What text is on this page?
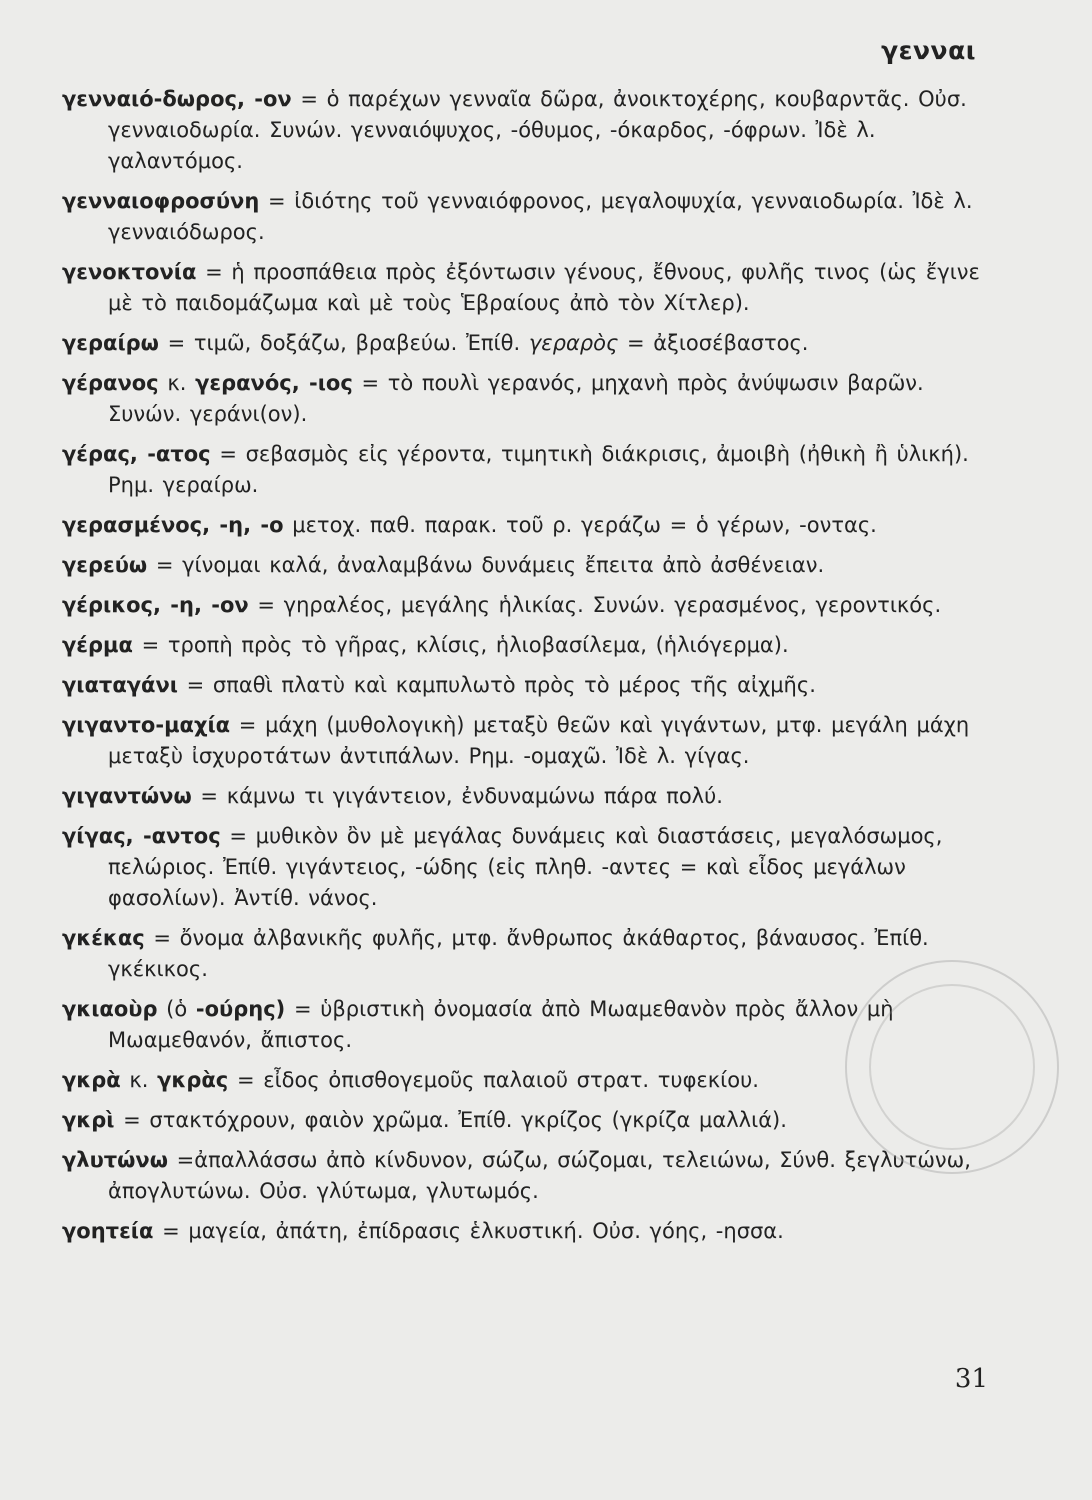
γενναι
γενναιό-δωρος, -ον = ὁ παρέχων γενναῖα δῶρα, ἀνοικτοχέρης, κουβαρντᾶς. Οὐσ. γενναιοδωρία. Συνών. γενναιόψυχος, -όθυμος, -όκαρδος, -όφρων. Ἰδὲ λ. γαλαντόμος.
γενναιοφροσύνη = ἰδιότης τοῦ γενναιόφρονος, μεγαλοψυχία, γενναιοδωρία. Ἰδὲ λ. γενναιόδωρος.
γενοκτονία = ἡ προσπάθεια πρὸς ἐξόντωσιν γένους, ἔθνους, φυλῆς τινος (ὡς ἔγινε μὲ τὸ παιδομάζωμα καὶ μὲ τοὺς Ἑβραίους ἀπὸ τὸν Χίτλερ).
γεραίρω = τιμῶ, δοξάζω, βραβεύω. Ἐπίθ. γεραρὸς = ἀξιοσέβαστος.
γέρανος κ. γερανός, -ιος = τὸ πουλὶ γερανός, μηχανὴ πρὸς ἀνύψωσιν βαρῶν. Συνών. γεράνι(ον).
γέρας, -ατος = σεβασμὸς εἰς γέροντα, τιμητικὴ διάκρισις, ἀμοιβὴ (ἠθικὴ ἢ ὑλική). Ρημ. γεραίρω.
γερασμένος, -η, -ο μετοχ. παθ. παρακ. τοῦ ρ. γεράζω = ὁ γέρων, -οντας.
γερεύω = γίνομαι καλά, ἀναλαμβάνω δυνάμεις ἔπειτα ἀπὸ ἀσθένειαν.
γέρικος, -η, -ον = γηραλέος, μεγάλης ἡλικίας. Συνών. γερασμένος, γεροντικός.
γέρμα = τροπὴ πρὸς τὸ γῆρας, κλίσις, ἡλιοβασίλεμα, (ἡλιόγερμα).
γιαταγάνι = σπαθὶ πλατὺ καὶ καμπυλωτὸ πρὸς τὸ μέρος τῆς αἰχμῆς.
γιγαντο-μαχία = μάχη (μυθολογικὴ) μεταξὺ θεῶν καὶ γιγάντων, μτφ. μεγάλη μάχη μεταξὺ ἰσχυροτάτων ἀντιπάλων. Ρημ. -ομαχῶ. Ἰδὲ λ. γίγας.
γιγαντώνω = κάμνω τι γιγάντειον, ἐνδυναμώνω πάρα πολύ.
γίγας, -αντος = μυθικὸν ὂν μὲ μεγάλας δυνάμεις καὶ διαστάσεις, μεγαλόσωμος, πελώριος. Ἐπίθ. γιγάντειος, -ώδης (εἰς πληθ. -αντες = καὶ εἶδος μεγάλων φασολίων). Ἀντίθ. νάνος.
γκέκας = ὄνομα ἀλβανικῆς φυλῆς, μτφ. ἄνθρωπος ἀκάθαρτος, βάναυσος. Ἐπίθ. γκέκικος.
γκιαοὺρ (ὁ -ούρης) = ὑβριστικὴ ὀνομασία ἀπὸ Μωαμεθανὸν πρὸς ἄλλον μὴ Μωαμεθανόν, ἄπιστος.
γκρὰ κ. γκρὰς = εἶδος ὀπισθογεμοῦς παλαιοῦ στρατ. τυφεκίου.
γκρὶ = στακτόχρουν, φαιὸν χρῶμα. Ἐπίθ. γκρίζος (γκρίζα μαλλιά).
γλυτώνω =ἀπαλλάσσω ἀπὸ κίνδυνον, σώζω, σώζομαι, τελειώνω, Σύνθ. ξεγλυτώνω, ἀπογλυτώνω. Οὐσ. γλύτωμα, γλυτωμός.
γοητεία = μαγεία, ἀπάτη, ἐπίδρασις ἑλκυστική. Οὐσ. γόης, -ησσα.
31
